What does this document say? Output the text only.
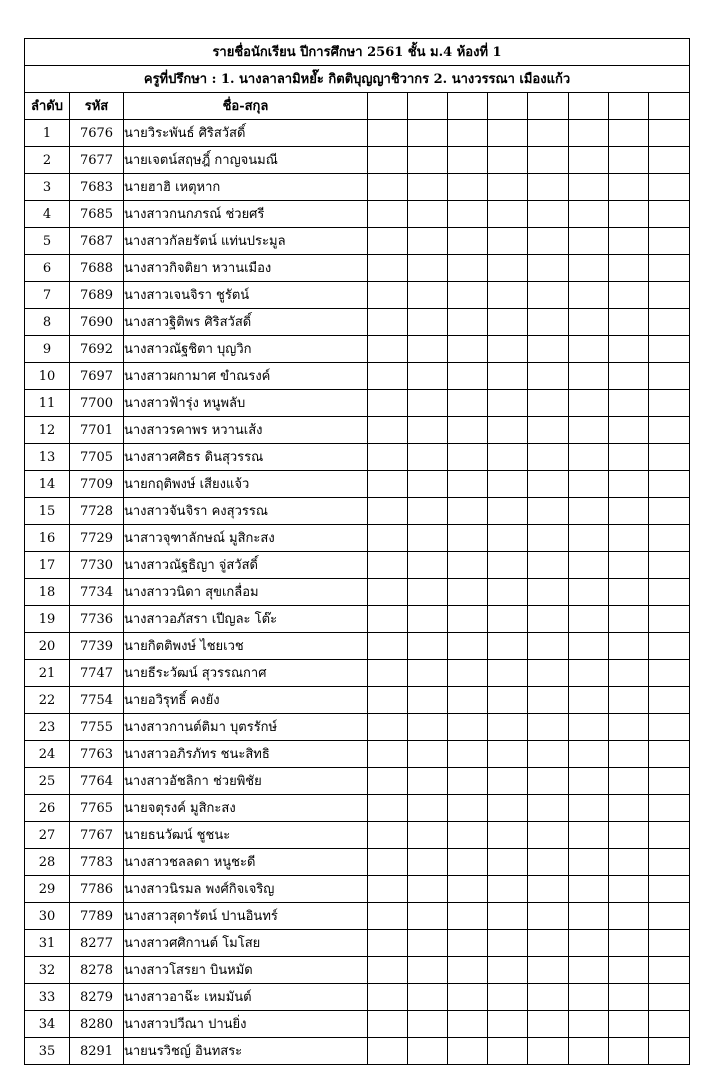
รายชื่อนักเรียน ปีการศึกษา 2561 ชั้น ม.4 ห้องที่ 1										
ครูที่ปรึกษา : 1. นางลาลามิหยํ๊ะ กิตติบุญญาชิวากร 2. นางวรรณา เมืองแก้ว										
ลำดับ	รหัส	ชื่อ-สกุล								
1	7676	นายวิระพันธ์ ศิริสวัสดิ์								
2	7677	นายเจตน์สฤษฎิ์ กาญจนมณี								
3	7683	นายฮาฮิ เหตุหาก								
4	7685	นางสาวกนกภรณ์ ช่วยศรี								
5	7687	นางสาวกัลยรัตน์ แท่นประมูล								
6	7688	นางสาวกิจติยา หวานเมือง								
7	7689	นางสาวเจนจิรา ชูรัตน์								
8	7690	นางสาวฐิติพร ศิริสวัสดิ์								
9	7692	นางสาวณัฐชิตา บุญวิก								
10	7697	นางสาวผกามาศ ขำณรงค์								
11	7700	นางสาวฟ้ารุ่ง หนูพลับ								
12	7701	นางสาวรคาพร หวานเส้ง								
13	7705	นางสาวศศิธร ดินสุวรรณ								
14	7709	นายกฤติพงษ์ เสียงแจ้ว								
15	7728	นางสาวจันจิรา คงสุวรรณ								
16	7729	นาสาวจุฑาลักษณ์ มูสิกะสง								
17	7730	นางสาวณัฐธิญา จู่สวัสดิ์								
18	7734	นางสาววนิดา สุขเกลื่อม								
19	7736	นางสาวอภัสรา เปีญละ โต๊ะ								
20	7739	นายกิตติพงษ์ ไชยเวช								
21	7747	นายธีระวัฒน์ สุวรรณกาศ								
22	7754	นายอวิรุทธิ์ คงยัง								
23	7755	นางสาวกานต์ติมา บุตรรักษ์								
24	7763	นางสาวอภิรภัทร ชนะสิทธิ								
25	7764	นางสาวอัชลิกา ช่วยพิชัย								
26	7765	นายจตุรงค์ มูสิกะสง								
27	7767	นายธนวัฒน์ ชูชนะ								
28	7783	นางสาวชลลดา หนูชะดี								
29	7786	นางสาวนิรมล พงศ์กิจเจริญ								
30	7789	นางสาวสุดารัตน์ ปานอินทร์								
31	8277	นางสาวศศิกานต์ โมโสย								
32	8278	นางสาวโสรยา บินหมัด								
33	8279	นางสาวอาฉ๊ะ เหมมันต์								
34	8280	นางสาวปวีณา ปานยิ่ง								
35	8291	นายนรวิชญ์ อินทสระ								
